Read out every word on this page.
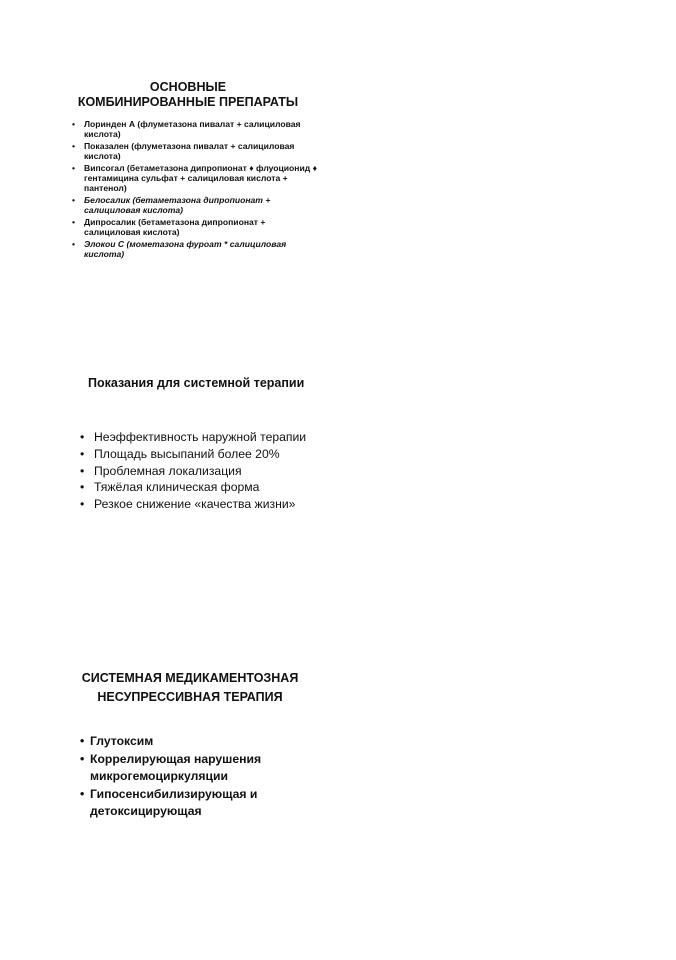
ОСНОВНЫЕ
КОМБИНИРОВАННЫЕ ПРЕПАРАТЫ
• Лоринден А (флуметазона пивалат + салициловая кислота)
• Показален (флуметазона пивалат + салициловая кислота)
• Випсогал (бетаметазона дипропионат ♦ флуоционид ♦ гентамицина сульфат + салициловая кислота + пантенол)
• Белосалик (бетаметазона дипропионат + салициловая кислота)
• Дипросалик (бетаметазона дипропионат + салициловая кислота)
• Элокои С (мометазона фуроат * салициловая кислота)
Показания для системной терапии
• Неэффективность наружной терапии
• Площадь высыпаний более 20%
• Проблемная локализация
• Тяжёлая клиническая форма
• Резкое снижение «качества жизни»
СИСТЕМНАЯ МЕДИКАМЕНТОЗНАЯ
НЕСУПРЕССИВНАЯ ТЕРАПИЯ
• Глутоксим
• Коррелирующая нарушения микрогемоциркуляции
• Гипосенсибилизирующая и детоксицирующая
